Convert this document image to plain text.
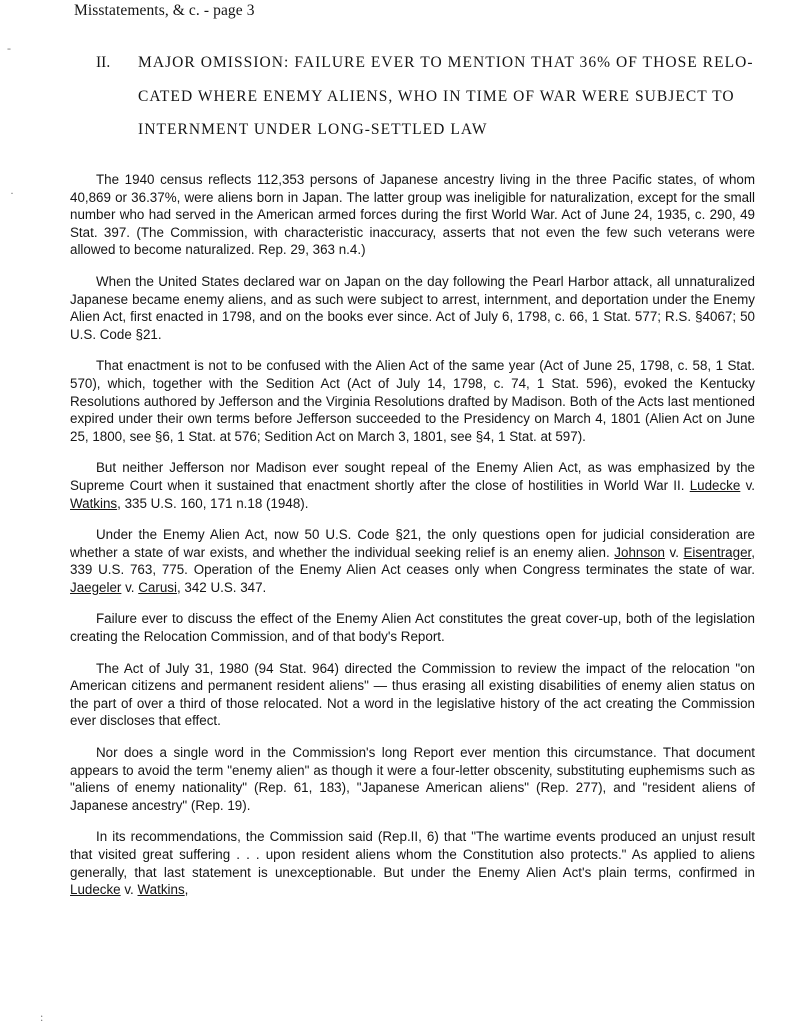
Misstatements, & c. - page 3
-
·
:
II. MAJOR OMISSION: FAILURE EVER TO MENTION THAT 36% OF THOSE RELO-
CATED WHERE ENEMY ALIENS, WHO IN TIME OF WAR WERE SUBJECT TO
INTERNMENT UNDER LONG-SETTLED LAW

The 1940 census reflects 112,353 persons of Japanese ancestry living in the three Pacific states, of whom 40,869 or 36.37%, were aliens born in Japan. The latter group was ineligible for naturalization, except for the small number who had served in the American armed forces during the first World War. Act of June 24, 1935, c. 290, 49 Stat. 397. (The Commission, with characteristic inaccuracy, asserts that not even the few such veterans were allowed to become naturalized. Rep. 29, 363 n.4.)

When the United States declared war on Japan on the day following the Pearl Harbor attack, all unnaturalized Japanese became enemy aliens, and as such were subject to arrest, internment, and deportation under the Enemy Alien Act, first enacted in 1798, and on the books ever since. Act of July 6, 1798, c. 66, 1 Stat. 577; R.S. §4067; 50 U.S. Code §21.

That enactment is not to be confused with the Alien Act of the same year (Act of June 25, 1798, c. 58, 1 Stat. 570), which, together with the Sedition Act (Act of July 14, 1798, c. 74, 1 Stat. 596), evoked the Kentucky Resolutions authored by Jefferson and the Virginia Resolutions drafted by Madison. Both of the Acts last mentioned expired under their own terms before Jefferson succeeded to the Presidency on March 4, 1801 (Alien Act on June 25, 1800, see §6, 1 Stat. at 576; Sedition Act on March 3, 1801, see §4, 1 Stat. at 597).

But neither Jefferson nor Madison ever sought repeal of the Enemy Alien Act, as was emphasized by the Supreme Court when it sustained that enactment shortly after the close of hostilities in World War II. Ludecke v. Watkins, 335 U.S. 160, 171 n.18 (1948).

Under the Enemy Alien Act, now 50 U.S. Code §21, the only questions open for judicial consideration are whether a state of war exists, and whether the individual seeking relief is an enemy alien. Johnson v. Eisentrager, 339 U.S. 763, 775. Operation of the Enemy Alien Act ceases only when Congress terminates the state of war. Jaegeler v. Carusi, 342 U.S. 347.

Failure ever to discuss the effect of the Enemy Alien Act constitutes the great cover-up, both of the legislation creating the Relocation Commission, and of that body's Report.

The Act of July 31, 1980 (94 Stat. 964) directed the Commission to review the impact of the relocation "on American citizens and permanent resident aliens" — thus erasing all existing disabilities of enemy alien status on the part of over a third of those relocated. Not a word in the legislative history of the act creating the Commission ever discloses that effect.

Nor does a single word in the Commission's long Report ever mention this circumstance. That document appears to avoid the term "enemy alien" as though it were a four-letter obscenity, substituting euphemisms such as "aliens of enemy nationality" (Rep. 61, 183), "Japanese American aliens" (Rep. 277), and "resident aliens of Japanese ancestry" (Rep. 19).

In its recommendations, the Commission said (Rep.II, 6) that "The wartime events produced an unjust result that visited great suffering . . . upon resident aliens whom the Constitution also protects." As applied to aliens generally, that last statement is unexceptionable. But under the Enemy Alien Act's plain terms, confirmed in Ludecke v. Watkins,
